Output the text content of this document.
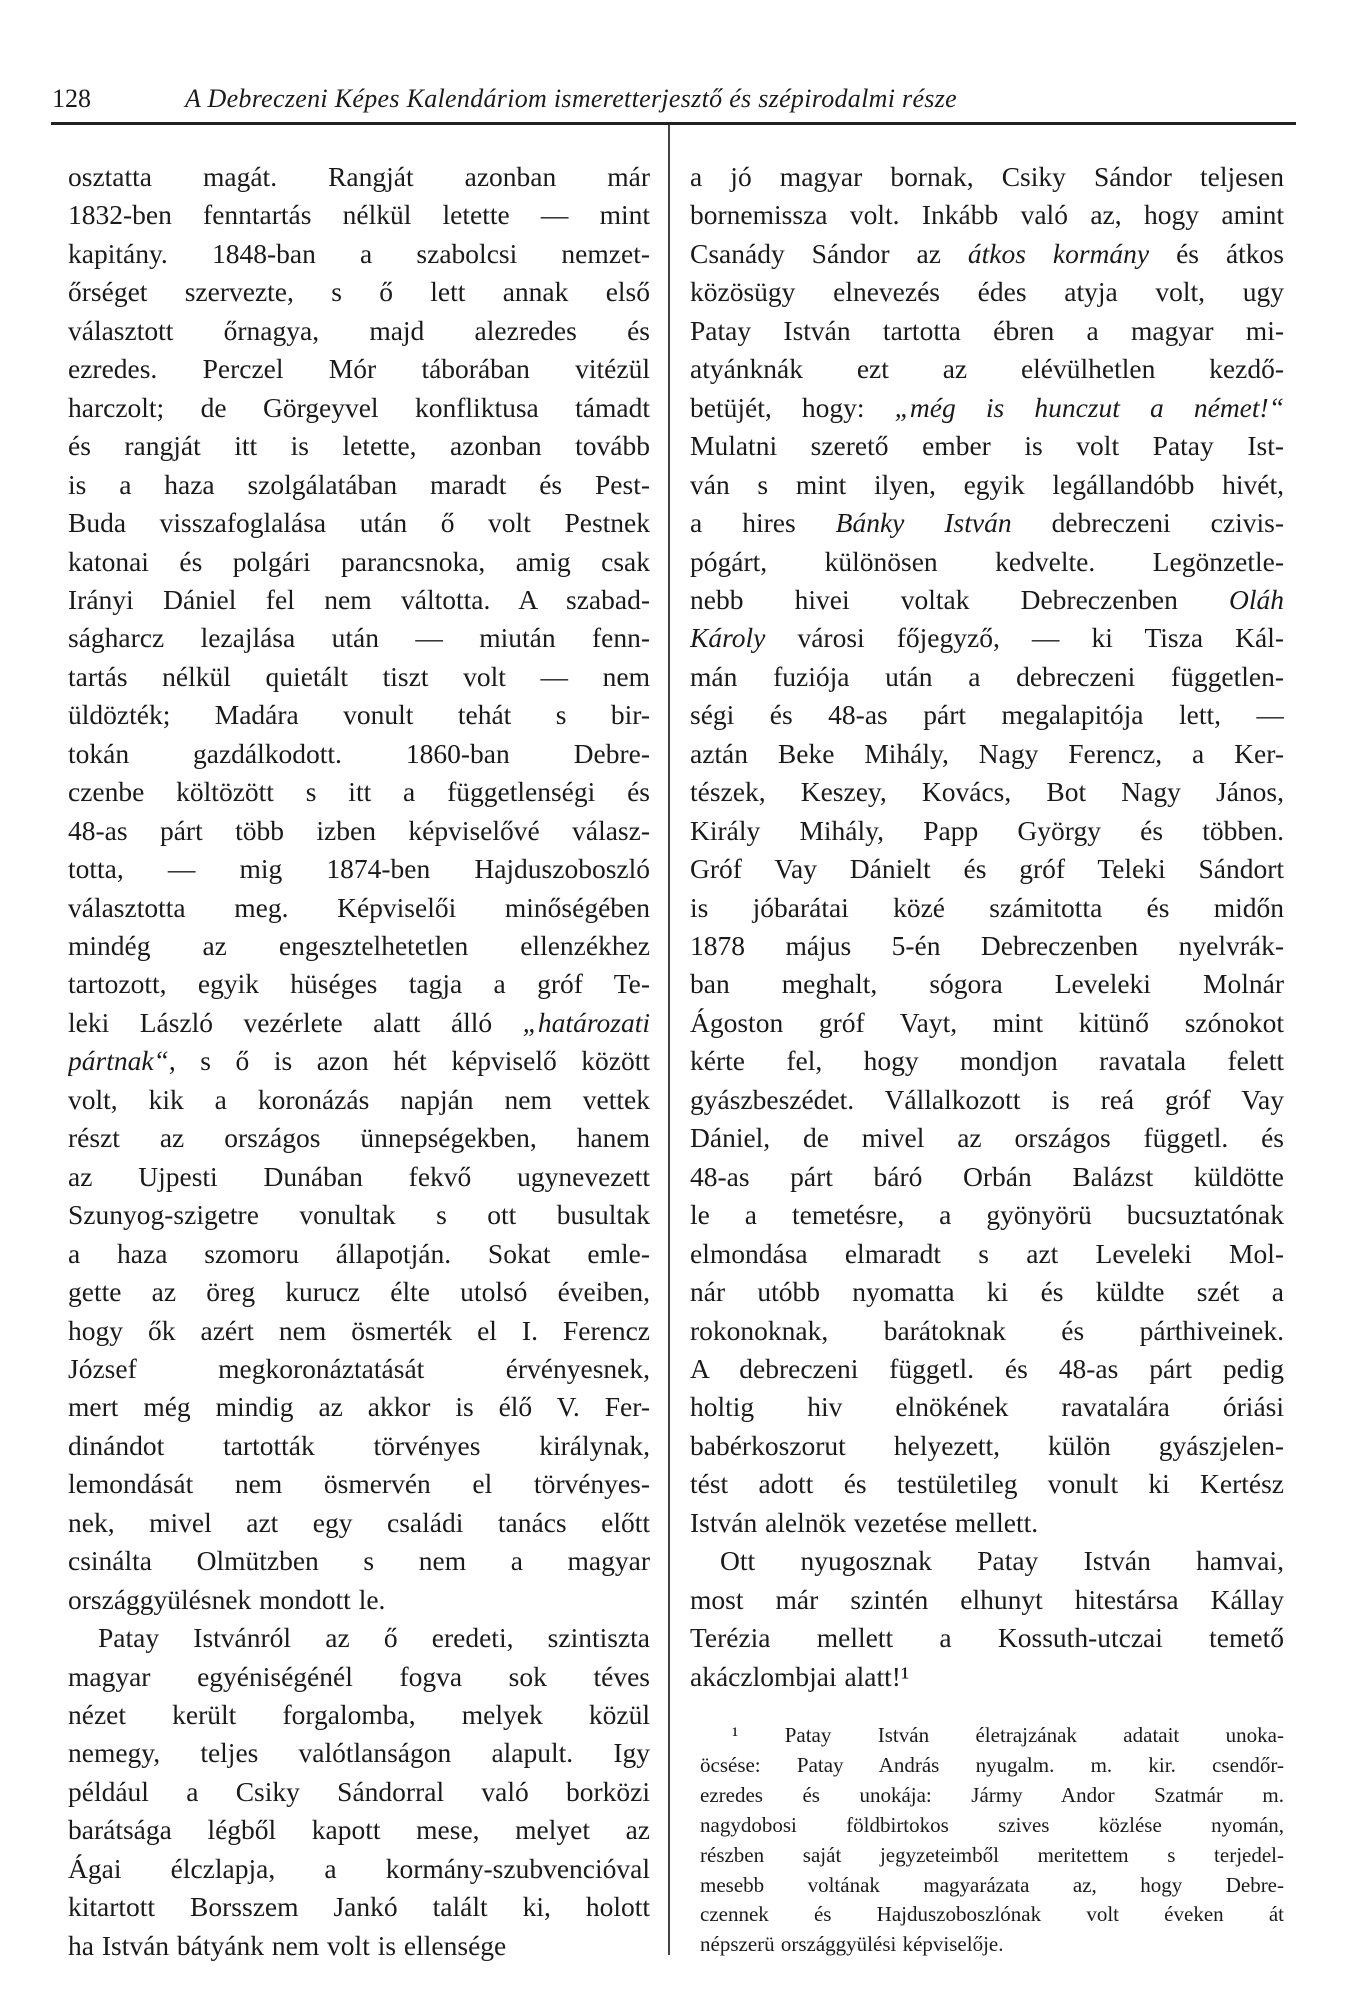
128	A Debreczeni Képes Kalendáriom ismeretterjesztő és szépirodalmi része
osztatta magát. Rangját azonban már
1832-ben fenntartás nélkül letette — mint
kapitány. 1848-ban a szabolcsi nemzet-
őrséget szervezte, s ő lett annak első
választott őrnagya, majd alezredes és
ezredes. Perczel Mór táborában vitézül
harczolt; de Görgeyvel konfliktusa támadt
és rangját itt is letette, azonban tovább
is a haza szolgálatában maradt és Pest-
Buda visszafoglalása után ő volt Pestnek
katonai és polgári parancsnoka, amig csak
Irányi Dániel fel nem váltotta. A szabad-
ságharcz lezajlása után — miután fenn-
tartás nélkül quietált tiszt volt — nem
üldözték; Madára vonult tehát s bir-
tokán gazdálkodott. 1860-ban Debre-
czenbe költözött s itt a függetlenségi és
48-as párt több izben képviselővé válasz-
totta, — mig 1874-ben Hajduszoboszló
választotta meg. Képviselői minőségében
mindég az engesztelhetetlen ellenzékhez
tartozott, egyik hüséges tagja a gróf Te-
leki László vezérlete alatt álló „határozati
pártnak“, s ő is azon hét képviselő között
volt, kik a koronázás napján nem vettek
részt az országos ünnepségekben, hanem
az Ujpesti Dunában fekvő ugynevezett
Szunyog-szigetre vonultak s ott busultak
a haza szomoru állapotján. Sokat emle-
gette az öreg kurucz élte utolsó éveiben,
hogy ők azért nem ösmerték el I. Ferencz
József megkoronáztatását érvényesnek,
mert még mindig az akkor is élő V. Fer-
dinándot tartották törvényes királynak,
lemondását nem ösmervén el törvényes-
nek, mivel azt egy családi tanács előtt
csinálta Olmützben s nem a magyar
országgyülésnek mondott le.
Patay Istvánról az ő eredeti, szintiszta
magyar egyéniségénél fogva sok téves
nézet került forgalomba, melyek közül
nemegy, teljes valótlanságon alapult. Igy
például a Csiky Sándorral való borközi
barátsága légből kapott mese, melyet az
Ágai élczlapja, a kormány-szubvencióval
kitartott Borsszem Jankó talált ki, holott
ha István bátyánk nem volt is ellensége
a jó magyar bornak, Csiky Sándor teljesen
bornemissza volt. Inkább való az, hogy amint
Csanády Sándor az átkos kormány és átkos
közösügy elnevezés édes atyja volt, ugy
Patay István tartotta ébren a magyar mi-
atyánknák ezt az elévülhetlen kezdő-
betüjét, hogy: „még is hunczut a német!“
Mulatni szerető ember is volt Patay Ist-
ván s mint ilyen, egyik legállandóbb hivét,
a hires Bánky István debreczeni czivis-
pógárt, különösen kedvelte. Legönzetle-
nebb hivei voltak Debreczenben Oláh
Károly városi főjegyző, — ki Tisza Kál-
mán fuziója után a debreczeni független-
ségi és 48-as párt megalapitója lett, —
aztán Beke Mihály, Nagy Ferencz, a Ker-
tészek, Keszey, Kovács, Bot Nagy János,
Király Mihály, Papp György és többen.
Gróf Vay Dánielt és gróf Teleki Sándort
is jóbarátai közé számitotta és midőn
1878 május 5-én Debreczenben nyelvrák-
ban meghalt, sógora Leveleki Molnár
Ágoston gróf Vayt, mint kitünő szónokot
kérte fel, hogy mondjon ravatala felett
gyászbeszédet. Vállalkozott is reá gróf Vay
Dániel, de mivel az országos függetl. és
48-as párt báró Orbán Balázst küldötte
le a temetésre, a gyönyörü bucsuztatónak
elmondása elmaradt s azt Leveleki Mol-
nár utóbb nyomatta ki és küldte szét a
rokonoknak, barátoknak és párthiveinek.
A debreczeni függetl. és 48-as párt pedig
holtig hiv elnökének ravatalára óriási
babérkoszorut helyezett, külön gyászjelen-
tést adott és testületileg vonult ki Kertész
István alelnök vezetése mellett.
Ott nyugosznak Patay István hamvai,
most már szintén elhunyt hitestársa Kállay
Terézia mellett a Kossuth-utczai temető
akáczlombjai alatt!¹
¹ Patay István életrajzának adatait unoka-
öcsése: Patay András nyugalm. m. kir. csendőr-
ezredes és unokája: Jármy Andor Szatmár m.
nagydobosi földbirtokos szives közlése nyomán,
részben saját jegyzeteimből meritettem s terjedel-
mesebb voltának magyarázata az, hogy Debre-
czennek és Hajduszoboszlónak volt éveken át
népszerü országgyülési képviselője.
